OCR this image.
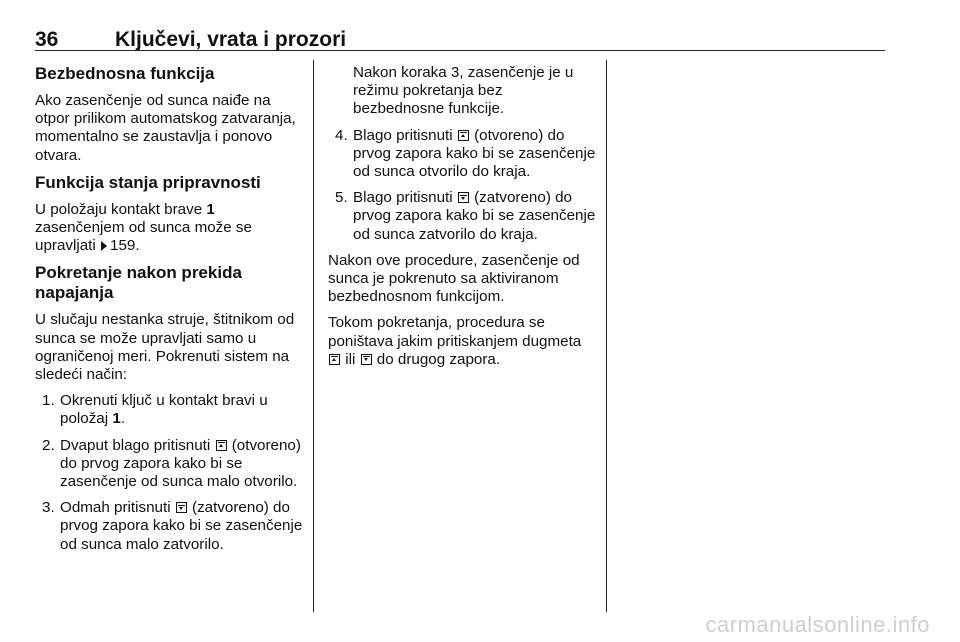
36	Ključevi, vrata i prozori
Bezbednosna funkcija

Ako zasenčenje od sunca naiđe na otpor prilikom automatskog zatvaranja, momentalno se zaustavlja i ponovo otvara.

Funkcija stanja pripravnosti

U položaju kontakt brave 1 zasenčenjem od sunca može se upravljati 159.

Pokretanje nakon prekida napajanja

U slučaju nestanka struje, štitnikom od sunca se može upravljati samo u ograničenoj meri. Pokrenuti sistem na sledeći način:

1. Okrenuti ključ u kontakt bravi u položaj 1.
2. Dvaput blago pritisnuti  (otvoreno) do prvog zapora kako bi se zasenčenje od sunca malo otvorilo.
3. Odmah pritisnuti  (zatvoreno) do prvog zapora kako bi se zasenčenje od sunca malo zatvorilo.

Nakon koraka 3, zasenčenje je u režimu pokretanja bez bezbednosne funkcije.

4. Blago pritisnuti  (otvoreno) do prvog zapora kako bi se zasenčenje od sunca otvorilo do kraja.
5. Blago pritisnuti  (zatvoreno) do prvog zapora kako bi se zasenčenje od sunca zatvorilo do kraja.

Nakon ove procedure, zasenčenje od sunca je pokrenuto sa aktiviranom bezbednosnom funkcijom.

Tokom pokretanja, procedura se poništava jakim pritiskanjem dugmeta  ili  do drugog zapora.

carmanualsonline.info
